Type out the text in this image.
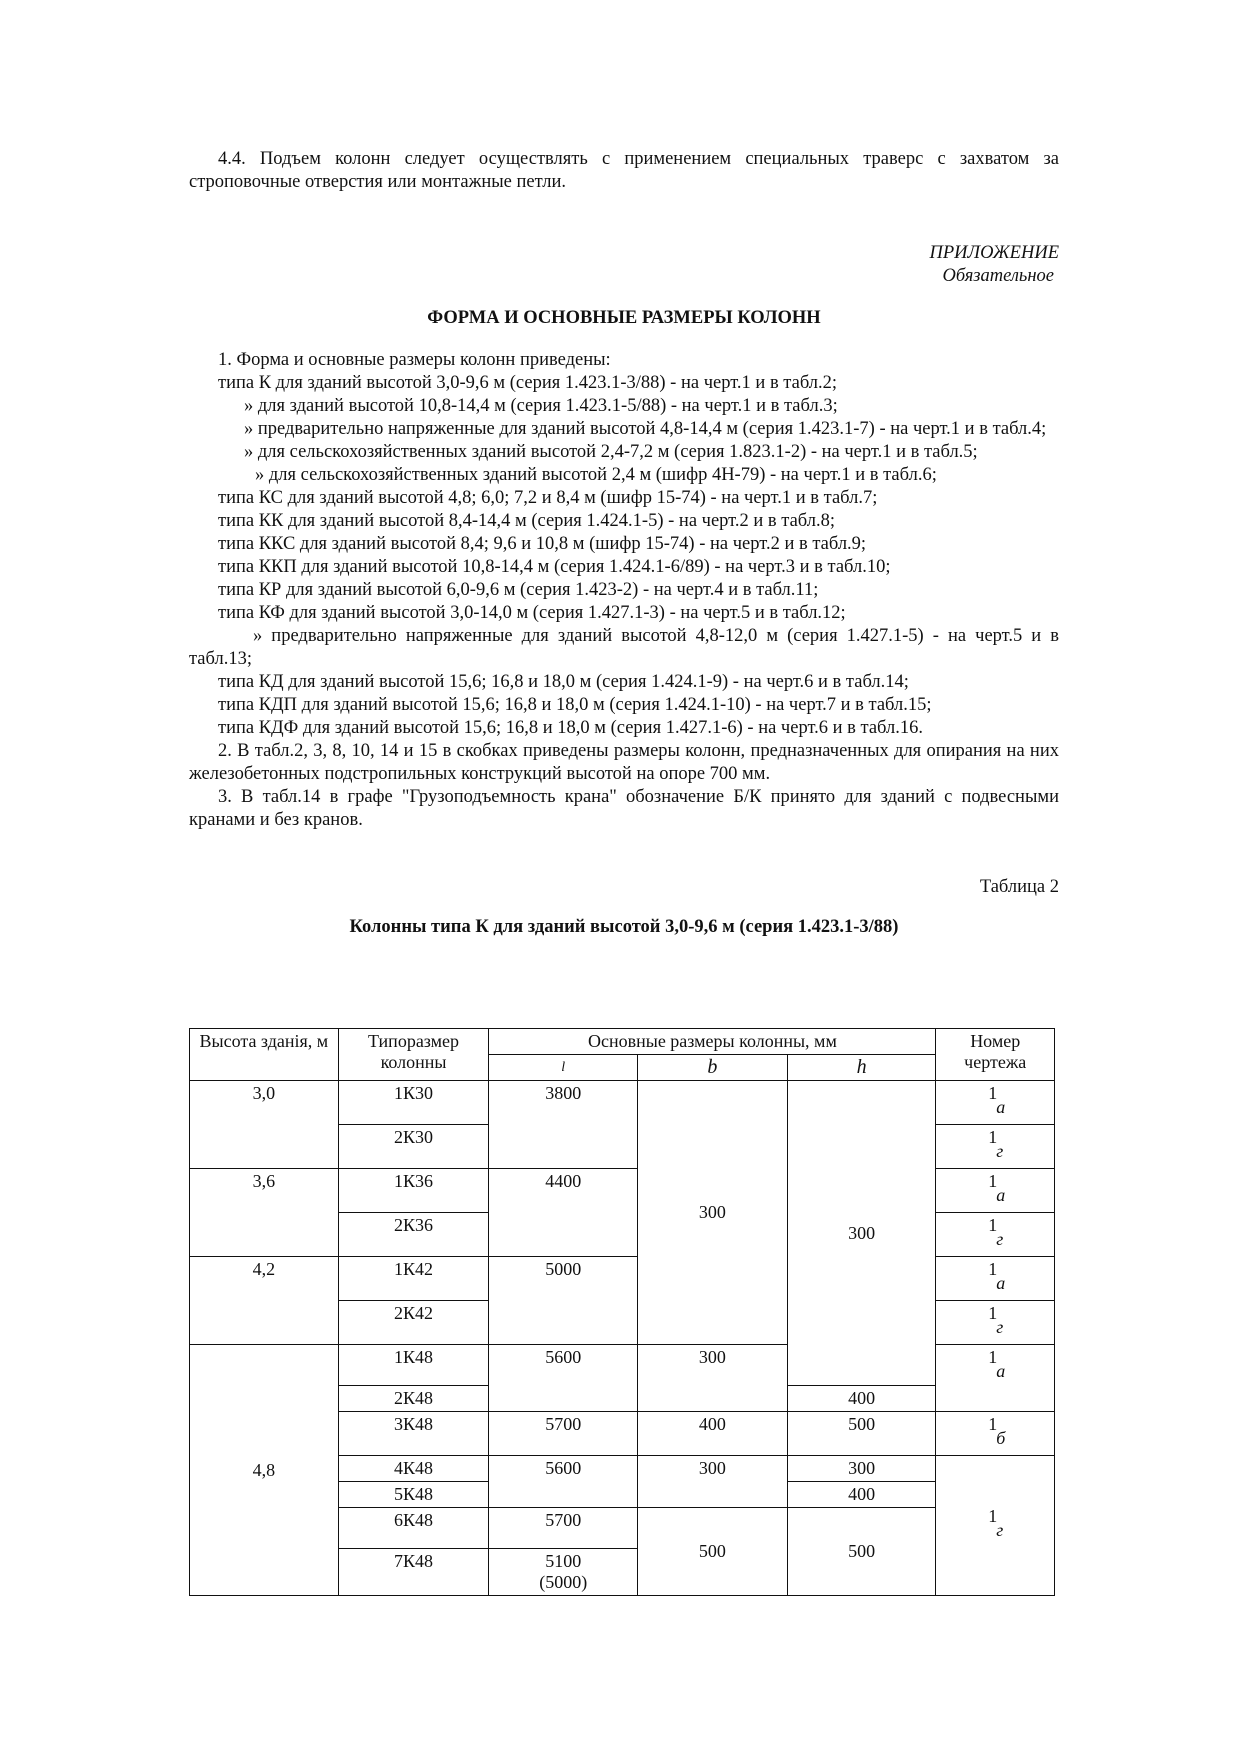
4.4. Подъем колонн следует осуществлять с применением специальных траверс с захватом за строповочные отверстия или монтажные петли.

ПРИЛОЖЕНИЕ

Обязательное

ФОРМА И ОСНОВНЫЕ РАЗМЕРЫ КОЛОНН

1. Форма и основные размеры колонн приведены:

типа К для зданий высотой 3,0-9,6 м (серия 1.423.1-3/88) - на черт.1 и в табл.2;

» для зданий высотой 10,8-14,4 м (серия 1.423.1-5/88) - на черт.1 и в табл.3;

» предварительно напряженные для зданий высотой 4,8-14,4 м (серия 1.423.1-7) - на черт.1 и в табл.4;

» для сельскохозяйственных зданий высотой 2,4-7,2 м (серия 1.823.1-2) - на черт.1 и в табл.5;

» для сельскохозяйственных зданий высотой 2,4 м (шифр 4Н-79) - на черт.1 и в табл.6;

типа КС для зданий высотой 4,8; 6,0; 7,2 и 8,4 м (шифр 15-74) - на черт.1 и в табл.7;

типа КК для зданий высотой 8,4-14,4 м (серия 1.424.1-5) - на черт.2 и в табл.8;

типа ККС для зданий высотой 8,4; 9,6 и 10,8 м (шифр 15-74) - на черт.2 и в табл.9;

типа ККП для зданий высотой 10,8-14,4 м (серия 1.424.1-6/89) - на черт.3 и в табл.10;

типа КР для зданий высотой 6,0-9,6 м (серия 1.423-2) - на черт.4 и в табл.11;

типа КФ для зданий высотой 3,0-14,0 м (серия 1.427.1-3) - на черт.5 и в табл.12;

» предварительно напряженные для зданий высотой 4,8-12,0 м (серия 1.427.1-5) - на черт.5 и в табл.13;

типа КД для зданий высотой 15,6; 16,8 и 18,0 м (серия 1.424.1-9) - на черт.6 и в табл.14;

типа КДП для зданий высотой 15,6; 16,8 и 18,0 м (серия 1.424.1-10) - на черт.7 и в табл.15;

типа КДФ для зданий высотой 15,6; 16,8 и 18,0 м (серия 1.427.1-6) - на черт.6 и в табл.16.

2. В табл.2, 3, 8, 10, 14 и 15 в скобках приведены размеры колонн, предназначенных для опирания на них железобетонных подстропильных конструкций высотой на опоре 700 мм.

3. В табл.14 в графе "Грузоподъемность крана" обозначение Б/К принято для зданий с подвесными кранами и без кранов.

Таблица 2

Колонны типа К для зданий высотой 3,0-9,6 м (серия 1.423.1-3/88)

Высота зданія, м	Типоразмер колонны	Основные размеры колонны, мм			Номер чертежа
		l	b	h	
3,0	1К30	3800	300	300	1
а

	2К30				1
г

3,6	1К36	4400			1
а

	2К36				1
г

4,2	1К42	5000			1
а

	2К42				1
г

4,8	1К48	5600	300		1
а

	2К48			400	
	3К48	5700	400	500	1
б

	4К48	5600	300	300	1
г

	5К48			400	
	6К48	5700	500	500	
	7К48	5100
(5000)			
